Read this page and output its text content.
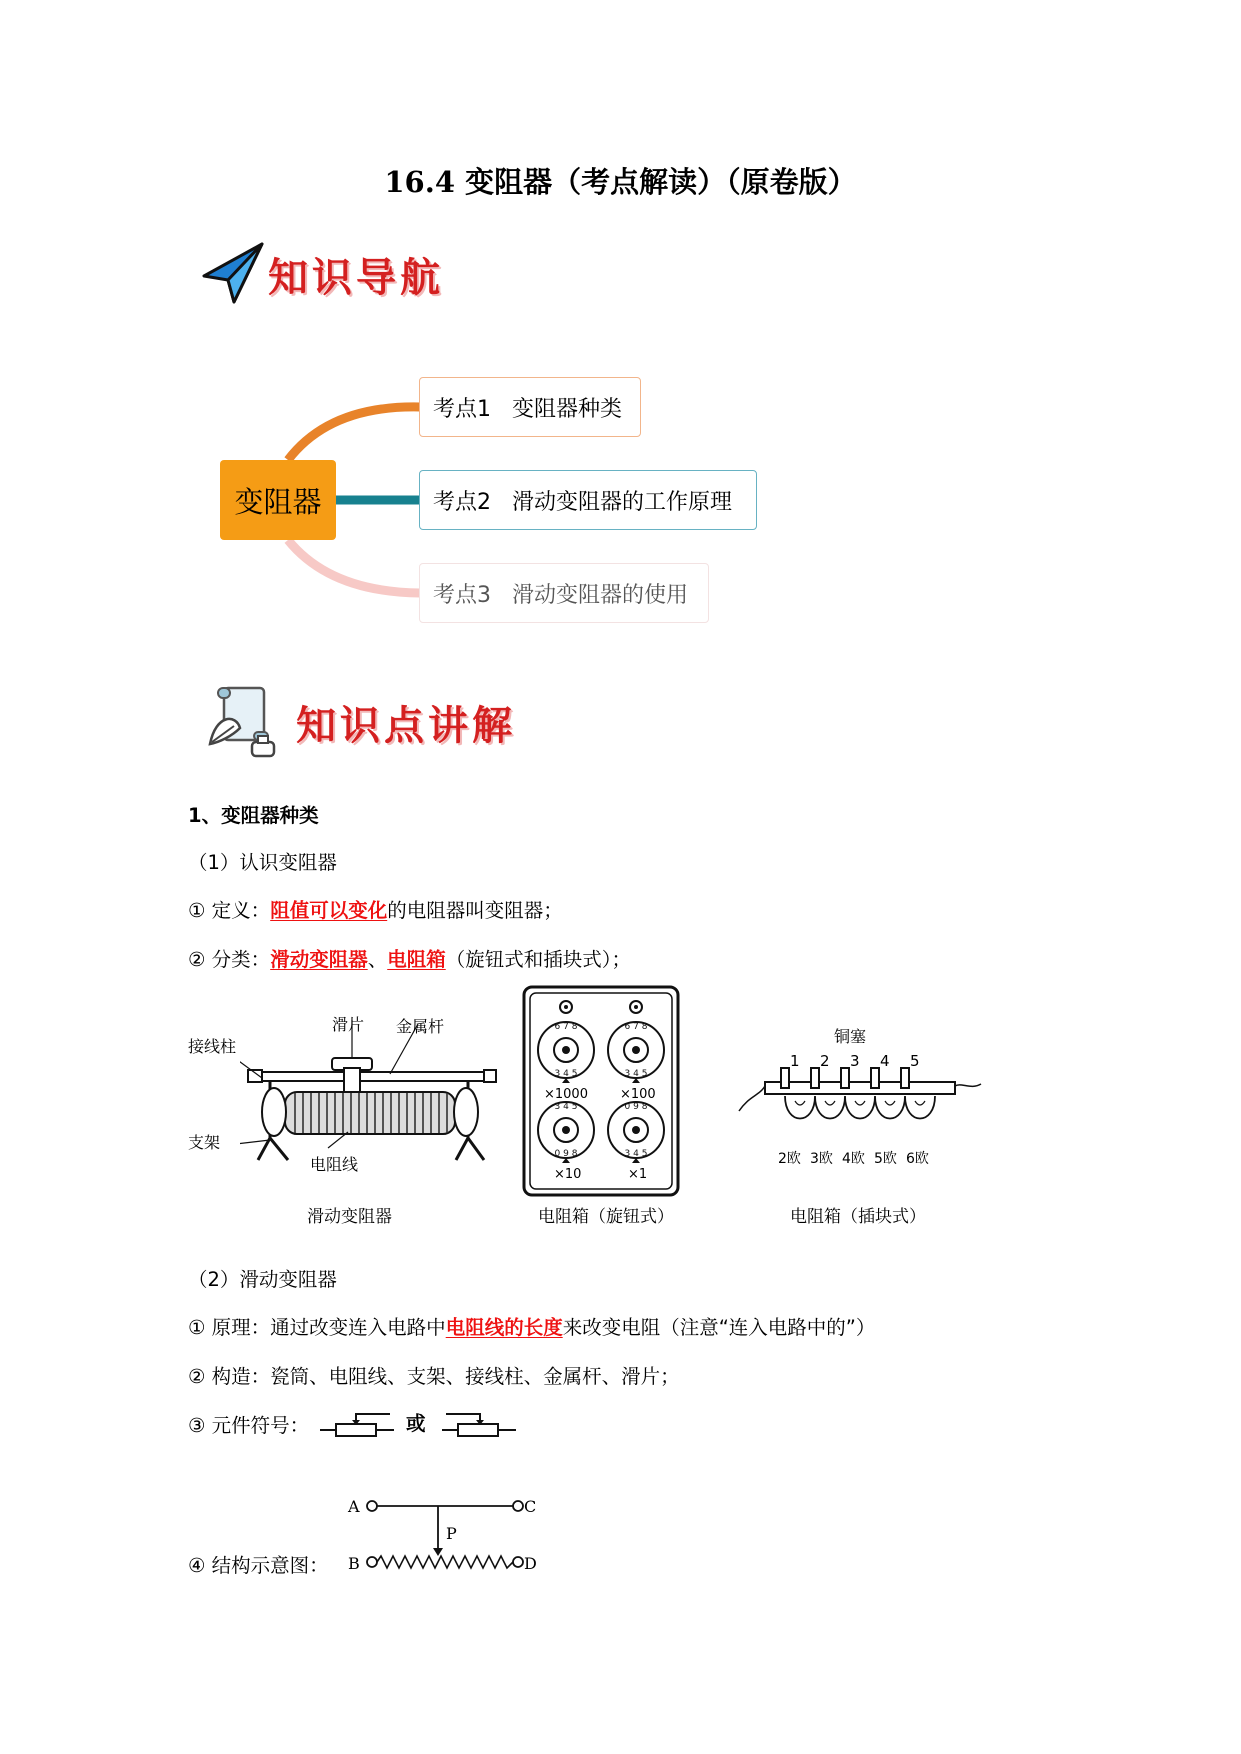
16.4 变阻器（考点解读）（原卷版）
知识导航
变阻器
考点1   变阻器种类
考点2   滑动变阻器的工作原理
考点3   滑动变阻器的使用
知识点讲解
1、变阻器种类
（1）认识变阻器
① 定义：阻值可以变化的电阻器叫变阻器；
② 分类：滑动变阻器、电阻箱（旋钮式和插块式）；
滑片 金属杆
接线柱
支架
电阻线
滑动变阻器
6 7 8
3 4 5
6 7 8
3 4 5
3 4 5
0 9 8
0 9 8
3 4 5
×1000 ×100
×10	×1
电阻箱（旋钮式）
铜塞
1 2 3 4 5
2欧 3欧 4欧 5欧 6欧
电阻箱（插块式）
（2）滑动变阻器
① 原理：通过改变连入电路中电阻线的长度来改变电阻（注意“连入电路中的”）
② 构造：瓷筒、电阻线、支架、接线柱、金属杆、滑片；
③ 元件符号：	或
④ 结构示意图：
A	C
B	D
P
